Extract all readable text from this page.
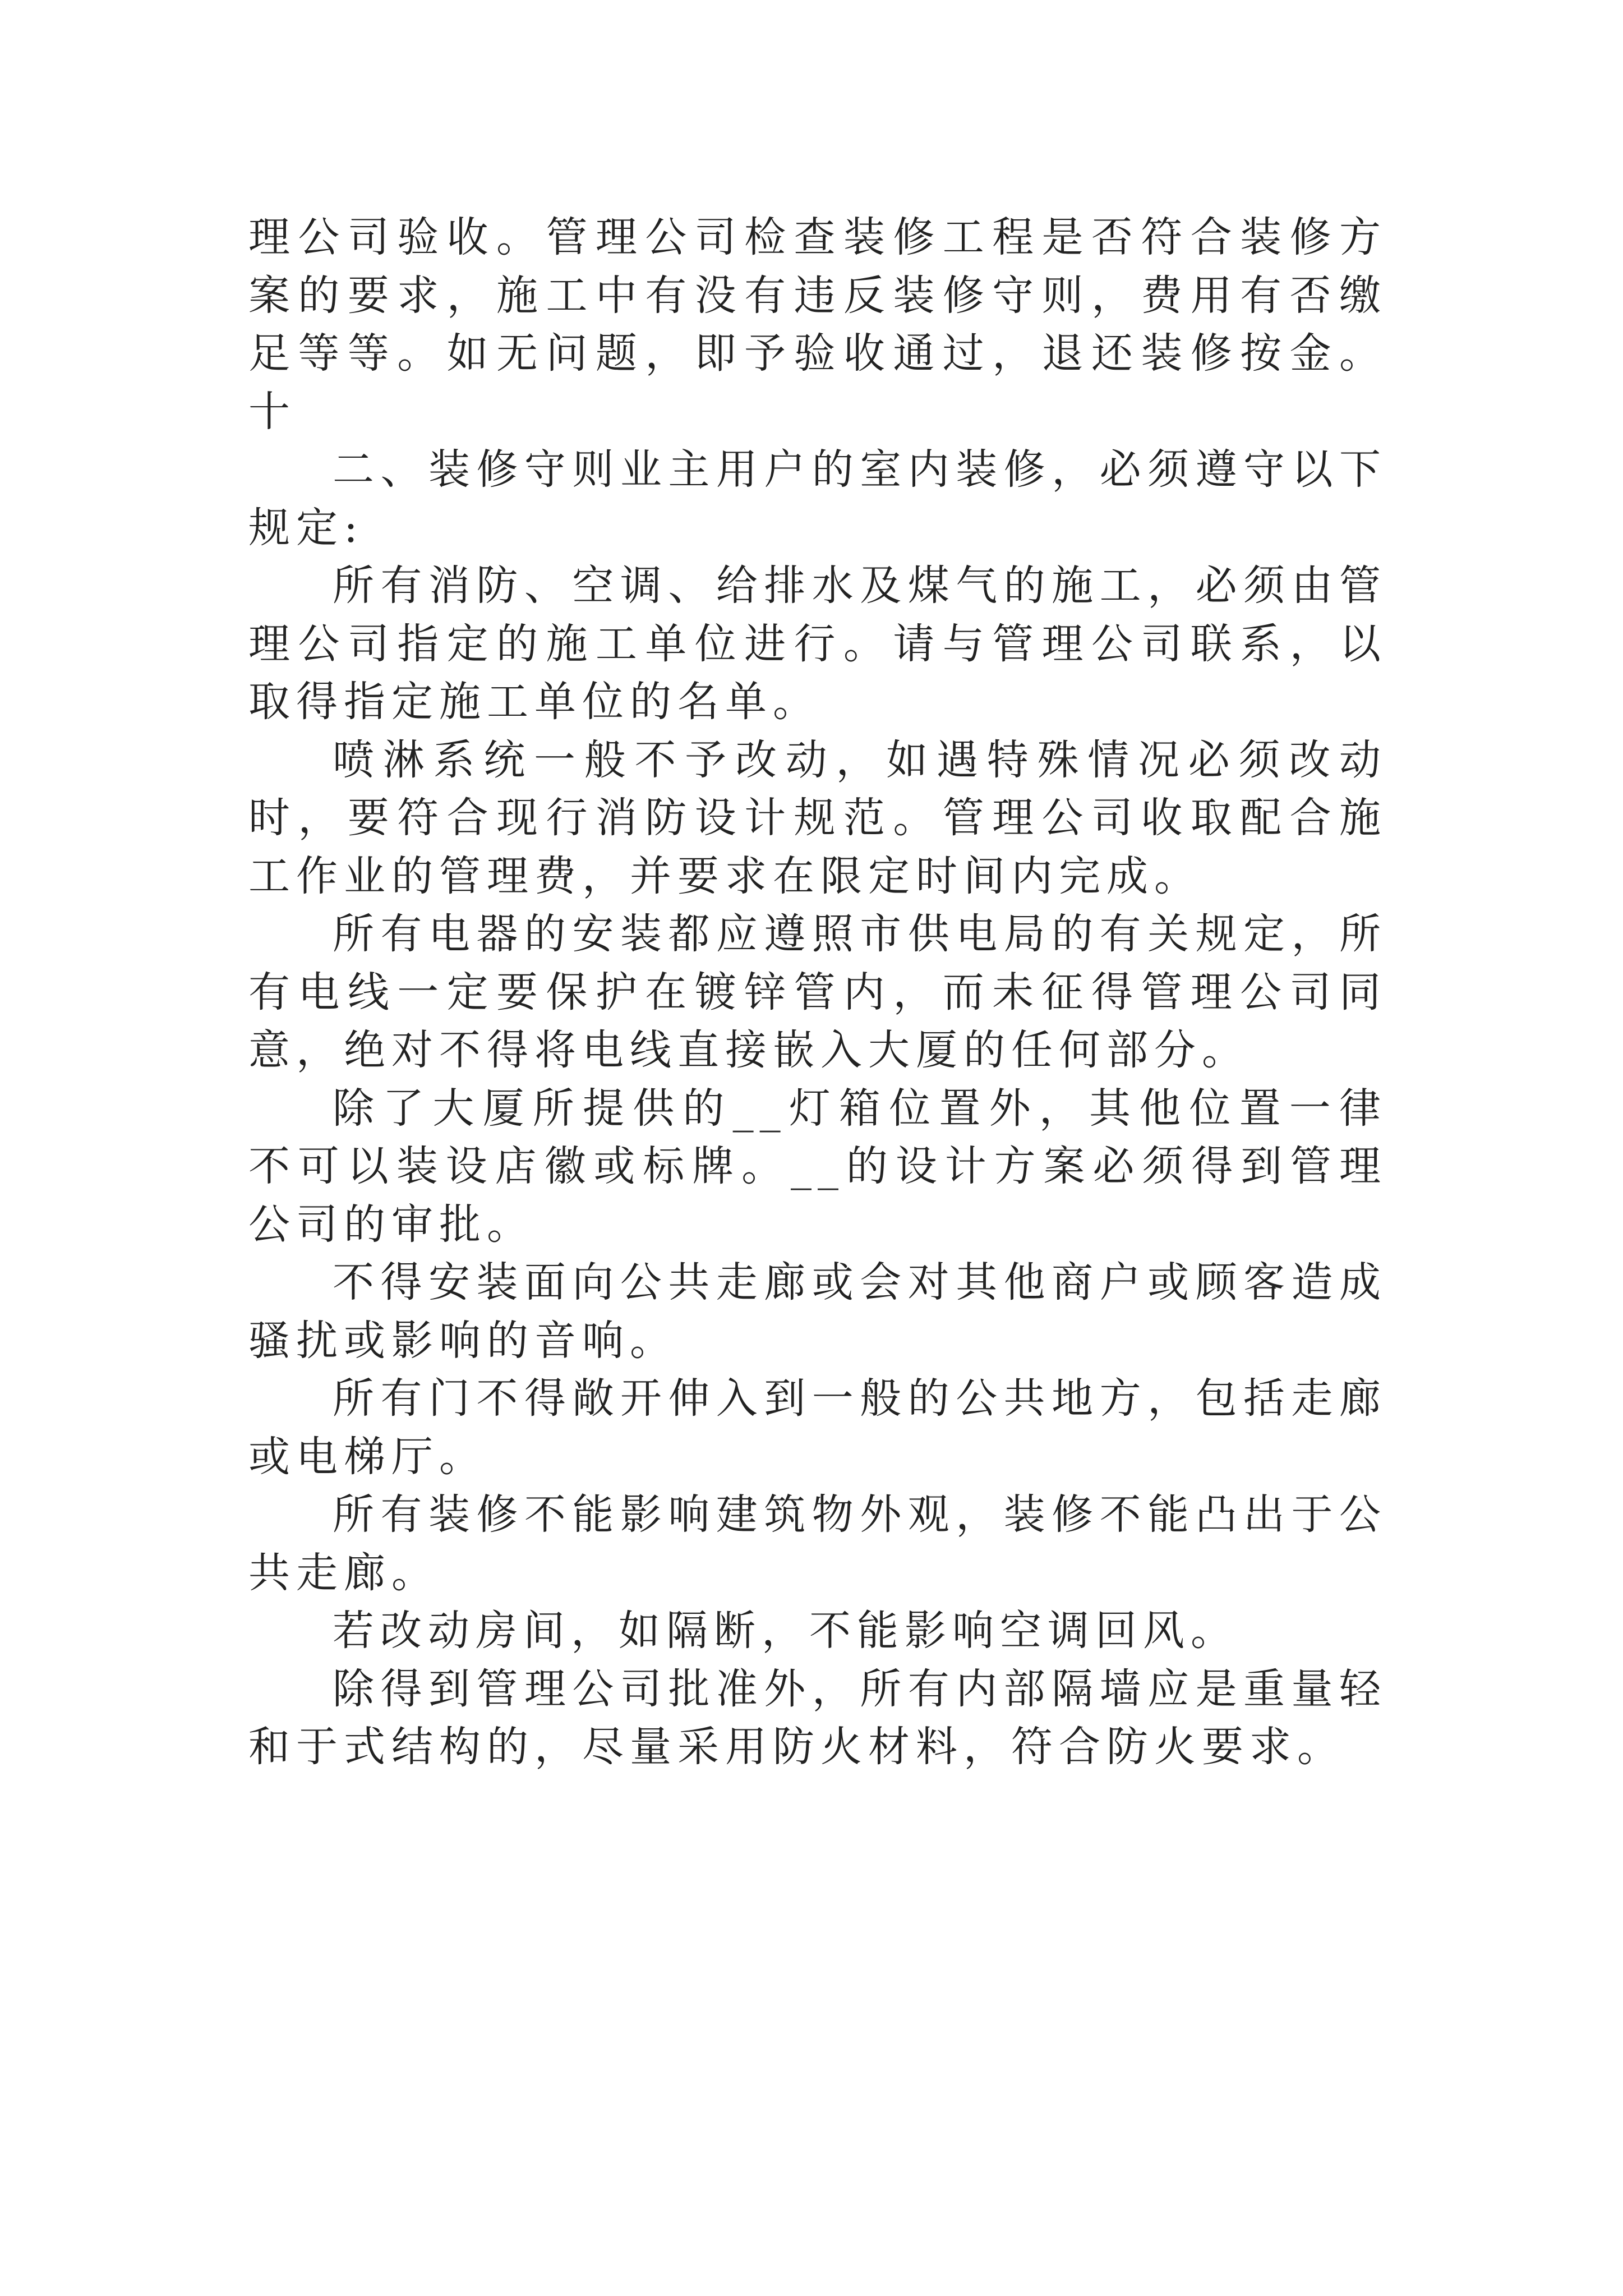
理公司验收。管理公司检查装修工程是否符合装修方案的要求，施工中有没有违反装修守则，费用有否缴足等等。如无问题，即予验收通过，退还装修按金。十

二、装修守则业主用户的室内装修，必须遵守以下规定:

所有消防、空调、给排水及煤气的施工，必须由管理公司指定的施工单位进行。请与管理公司联系，以取得指定施工单位的名单。

喷淋系统一般不予改动，如遇特殊情况必须改动时，要符合现行消防设计规范。管理公司收取配合施工作业的管理费，并要求在限定时间内完成。

所有电器的安装都应遵照市供电局的有关规定，所有电线一定要保护在镀锌管内，而未征得管理公司同意，绝对不得将电线直接嵌入大厦的任何部分。

除了大厦所提供的__灯箱位置外，其他位置一律不可以装设店徽或标牌。__的设计方案必须得到管理公司的审批。

不得安装面向公共走廊或会对其他商户或顾客造成骚扰或影响的音响。

所有门不得敞开伸入到一般的公共地方，包括走廊或电梯厅。

所有装修不能影响建筑物外观，装修不能凸出于公共走廊。

若改动房间，如隔断，不能影响空调回风。

除得到管理公司批准外，所有内部隔墙应是重量轻和于式结构的，尽量采用防火材料，符合防火要求。
